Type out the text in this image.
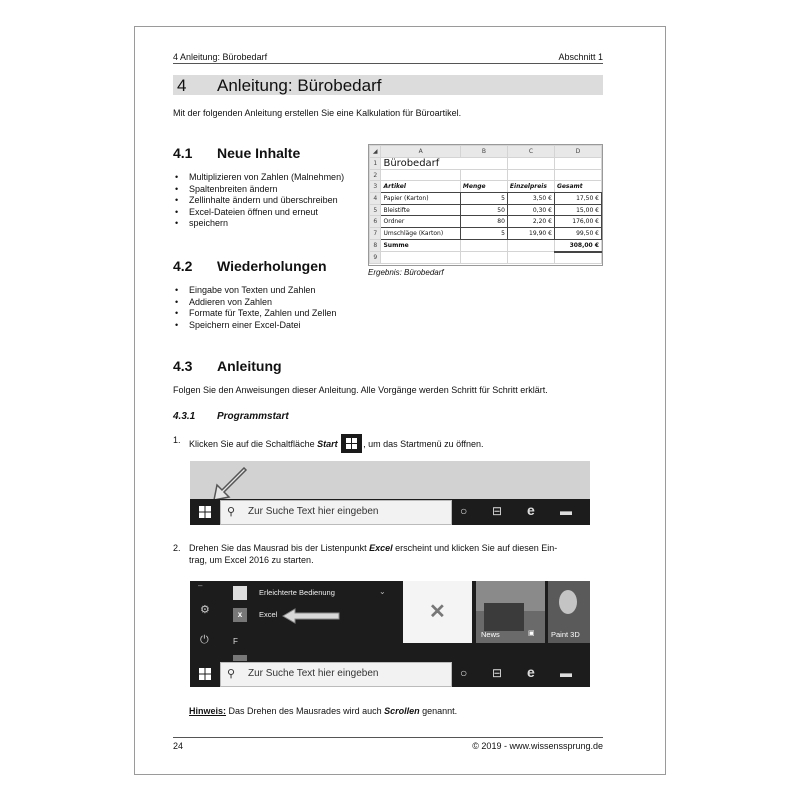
4 Anleitung: Bürobedarf	Abschnitt 1
4 Anleitung: Bürobedarf
Mit der folgenden Anleitung erstellen Sie eine Kalkulation für Büroartikel.
4.1 Neue Inhalte
• Multiplizieren von Zahlen (Malnehmen)
• Spaltenbreiten ändern
• Zellinhalte ändern und überschreiben
• Excel-Dateien öffnen und erneut
• speichern
◢	A	B	C	D
1	Bürobedarf			
2				
3	Artikel	Menge	Einzelpreis	Gesamt
4	Papier (Karton)	5	3,50 €	17,50 €
5	Bleistifte	50	0,30 €	15,00 €
6	Ordner	80	2,20 €	176,00 €
7	Umschläge (Karton)	5	19,90 €	99,50 €
8	Summe			308,00 €
9				
Ergebnis: Bürobedarf
4.2 Wiederholungen
• Eingabe von Texten und Zahlen
• Addieren von Zahlen
• Formate für Texte, Zahlen und Zellen
• Speichern einer Excel-Datei
4.3 Anleitung
Folgen Sie den Anweisungen dieser Anleitung. Alle Vorgänge werden Schritt für Schritt erklärt.
4.3.1 Programmstart
1. Klicken Sie auf die Schaltfläche Start	, um das Startmenü zu öffnen.
⚲ Zur Suche Text hier eingeben	○ ⊟ e ▬
2. Drehen Sie das Mausrad bis der Listenpunkt Excel erscheint und klicken Sie auf diesen Ein-
trag, um Excel 2016 zu starten.
⚙
⏻
–
Erleichterte Bedienung	⌄
x	Excel
F
✕
News	▣ Paint 3D
⚲ Zur Suche Text hier eingeben	○ ⊟ e ▬
Hinweis: Das Drehen des Mausrades wird auch Scrollen genannt.
24	© 2019 - www.wissenssprung.de
